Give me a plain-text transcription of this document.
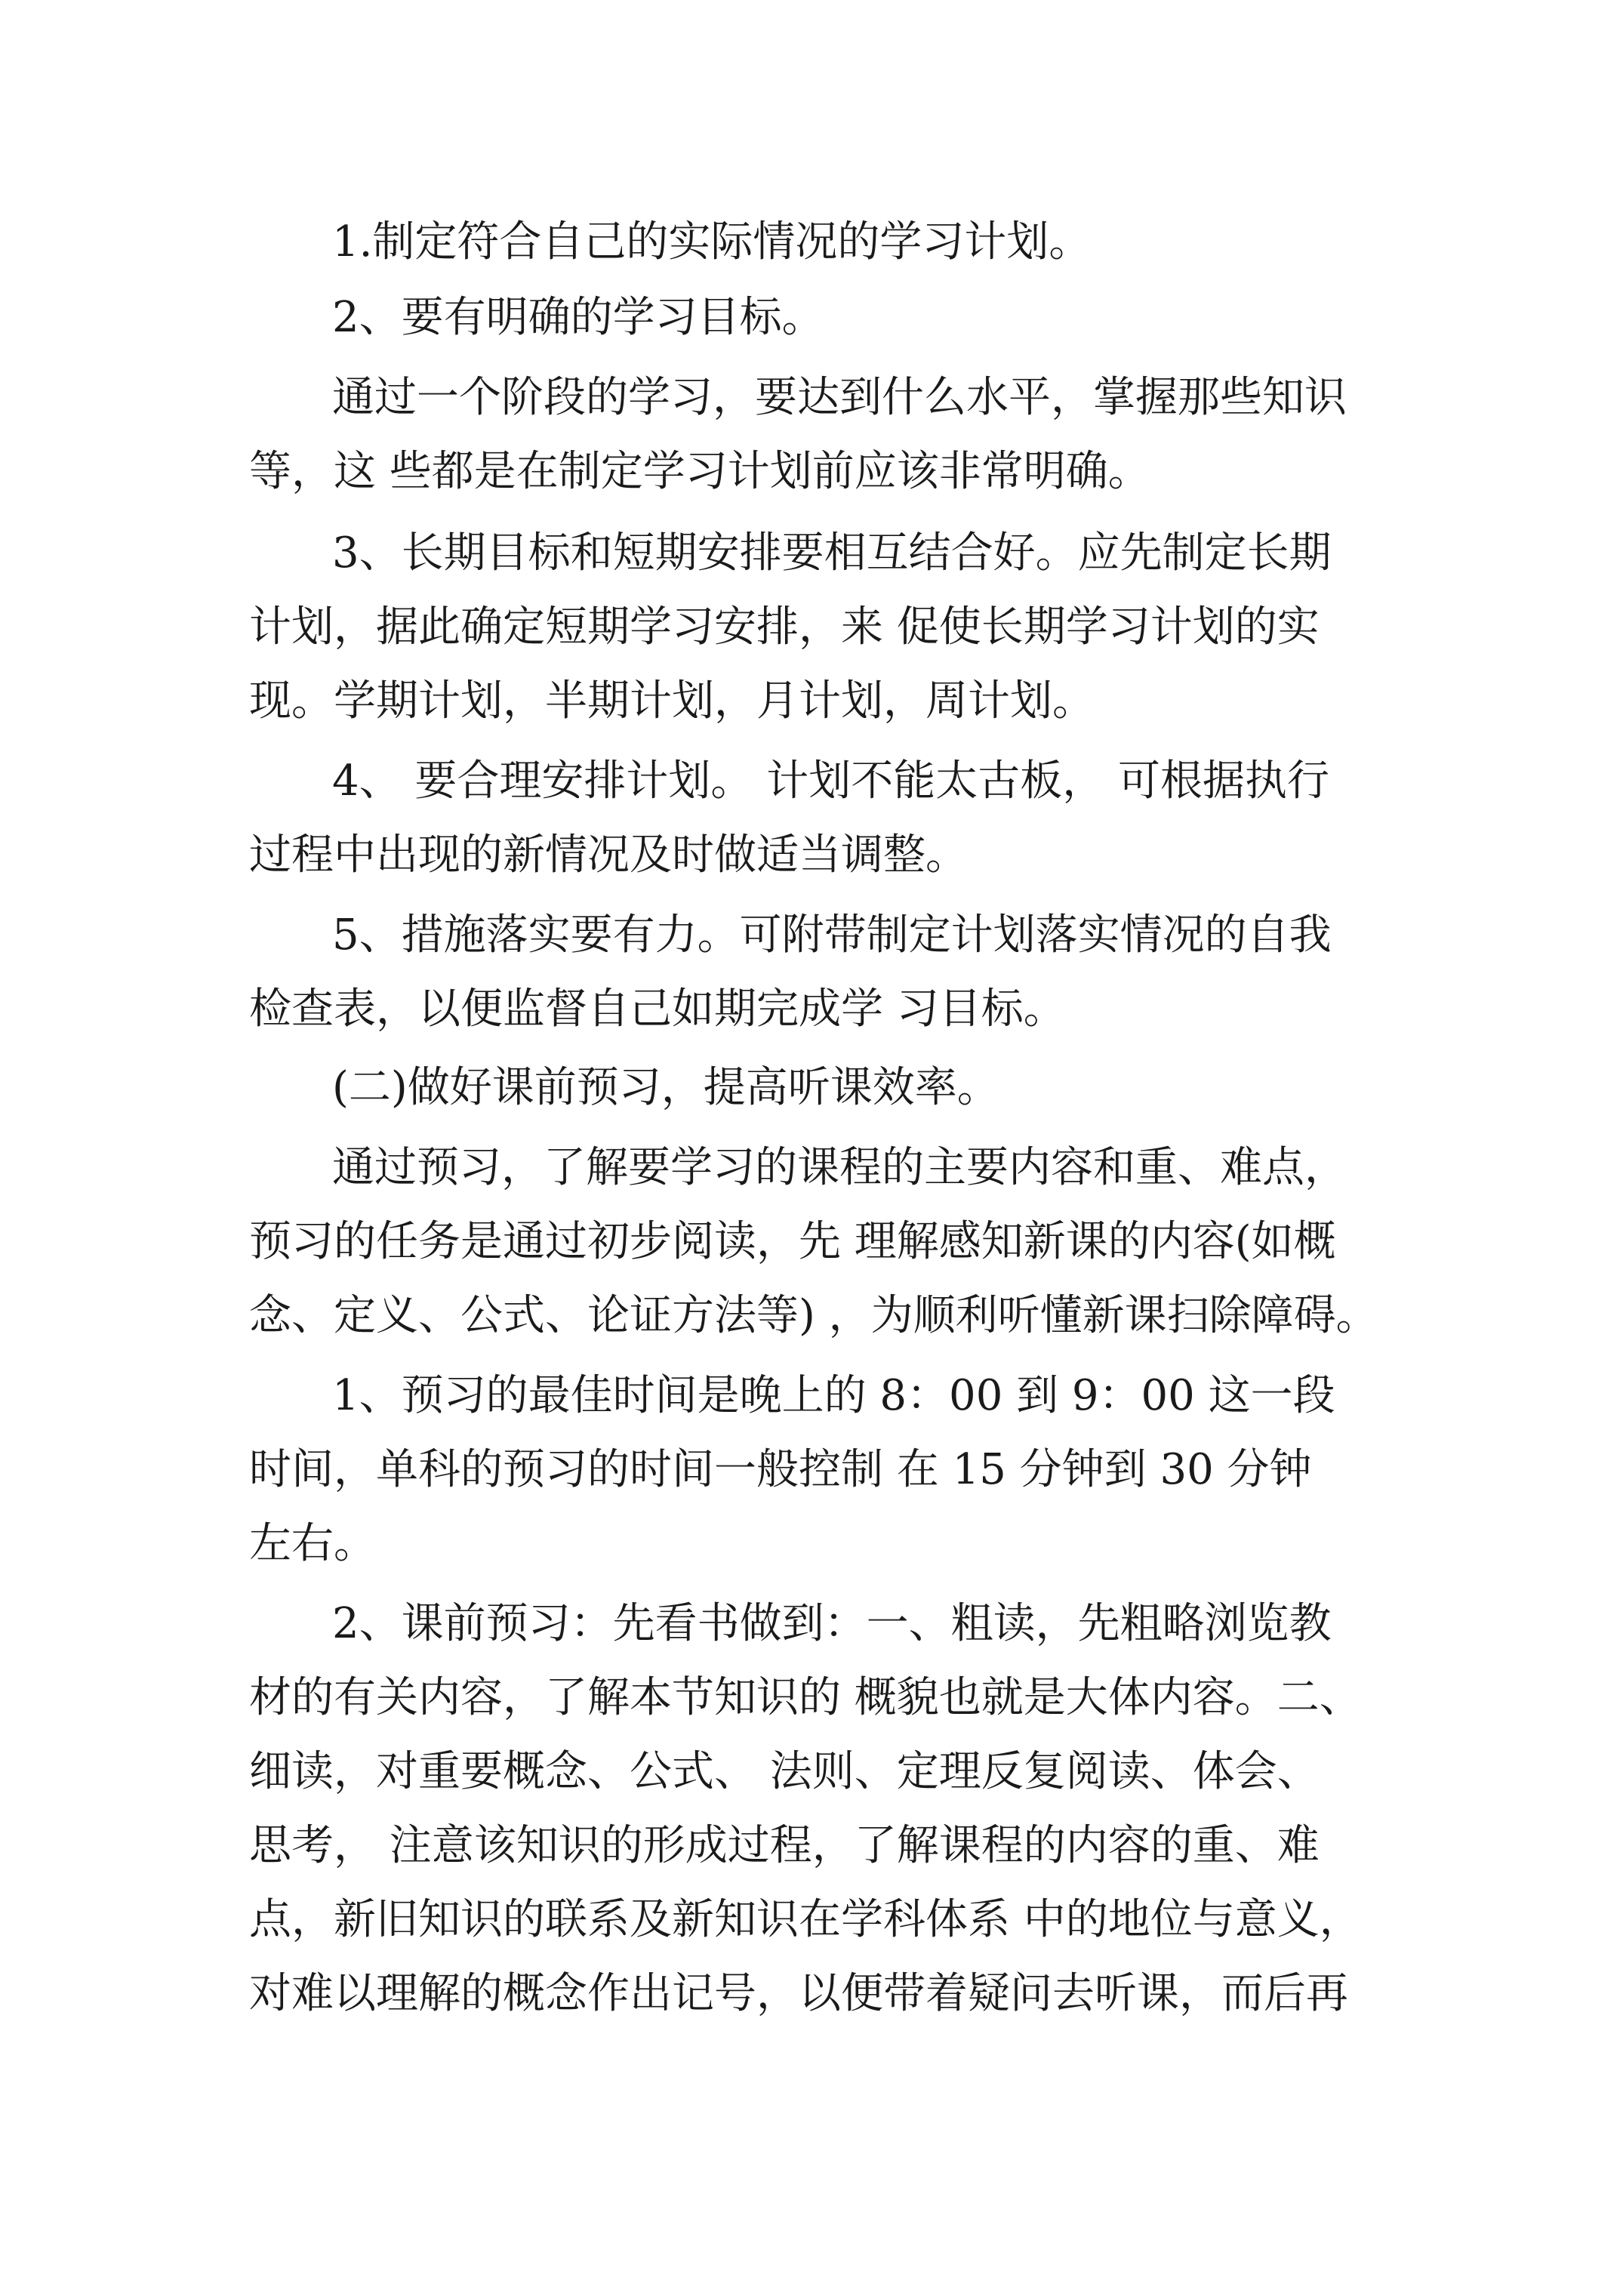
1.制定符合自己的实际情况的学习计划。
2、要有明确的学习目标。
通过一个阶段的学习，要达到什么水平，掌握那些知识
等，这 些都是在制定学习计划前应该非常明确。
3、长期目标和短期安排要相互结合好。应先制定长期
计划，据此确定短期学习安排，来 促使长期学习计划的实
现。学期计划，半期计划，月计划，周计划。
4、 要合理安排计划。 计划不能太古板， 可根据执行
过程中出现的新情况及时做适当调整。
5、措施落实要有力。可附带制定计划落实情况的自我
检查表，以便监督自己如期完成学 习目标。
(二)做好课前预习，提高听课效率。
通过预习，了解要学习的课程的主要内容和重、难点，
预习的任务是通过初步阅读，先 理解感知新课的内容(如概
念、定义、公式、论证方法等) ，为顺利听懂新课扫除障碍。
1、预习的最佳时间是晚上的 8：00 到 9：00 这一段
时间，单科的预习的时间一般控制 在 15 分钟到 30 分钟
左右。
2、课前预习：先看书做到：一、粗读，先粗略浏览教
材的有关内容，了解本节知识的 概貌也就是大体内容。二、
细读，对重要概念、公式、 法则、定理反复阅读、体会、
思考， 注意该知识的形成过程，了解课程的内容的重、难
点，新旧知识的联系及新知识在学科体系 中的地位与意义，
对难以理解的概念作出记号，以便带着疑问去听课，而后再
